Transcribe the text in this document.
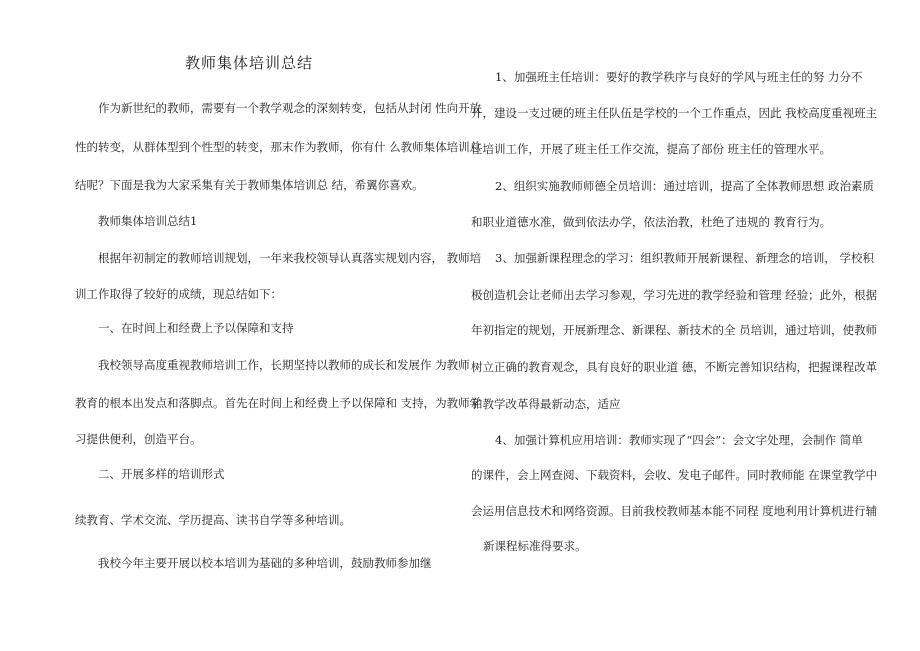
教师集体培训总结
作为新世纪的教师，需要有一个教学观念的深刻转变，包括从封闭 性向开放
性的转变，从群体型到个性型的转变，那末作为教师，你有什 么教师集体培训总
结呢？下面是我为大家采集有关于教师集体培训总 结，希翼你喜欢。
教师集体培训总结1
根据年初制定的教师培训规划，一年来我校领导认真落实规划内容， 教师培
训工作取得了较好的成绩，现总结如下：
一、在时间上和经费上予以保障和支持
我校领导高度重视教师培训工作，长期坚持以教师的成长和发展作 为教师
教育的根本出发点和落脚点。首先在时间上和经费上予以保障和 支持，为教师学
习提供便利，创造平台。
二、开展多样的培训形式
续教育、学术交流、学历提高、读书自学等多种培训。
我校今年主要开展以校本培训为基础的多种培训，鼓励教师参加继
1、加强班主任培训：要好的教学秩序与良好的学风与班主任的努 力分不
开，建设一支过硬的班主任队伍是学校的一个工作重点，因此 我校高度重视班主
任培训工作，开展了班主任工作交流，提高了部份 班主任的管理水平。
2、组织实施教师师德全员培训：通过培训，提高了全体教师思想 政治素质
和职业道德水准，做到依法办学，依法治教，杜绝了违规的 教育行为。
3、加强新课程理念的学习：组织教师开展新课程、新理念的培训， 学校积
极创造机会让老师出去学习参观，学习先进的教学经验和管理 经验；此外，根据
年初指定的规划，开展新理念、新课程、新技术的全 员培训，通过培训，使教师
树立正确的教育观念，具有良好的职业道 德，不断完善知识结构，把握课程改革
和教学改革得最新动态，适应
4、加强计算机应用培训：教师实现了“四会”：会文字处理，会制作 简单
的课件，会上网查阅、下载资料，会收、发电子邮件。同时教师能 在课堂教学中
会运用信息技术和网络资源。目前我校教师基本能不同程 度地利用计算机进行辅
新课程标准得要求。
